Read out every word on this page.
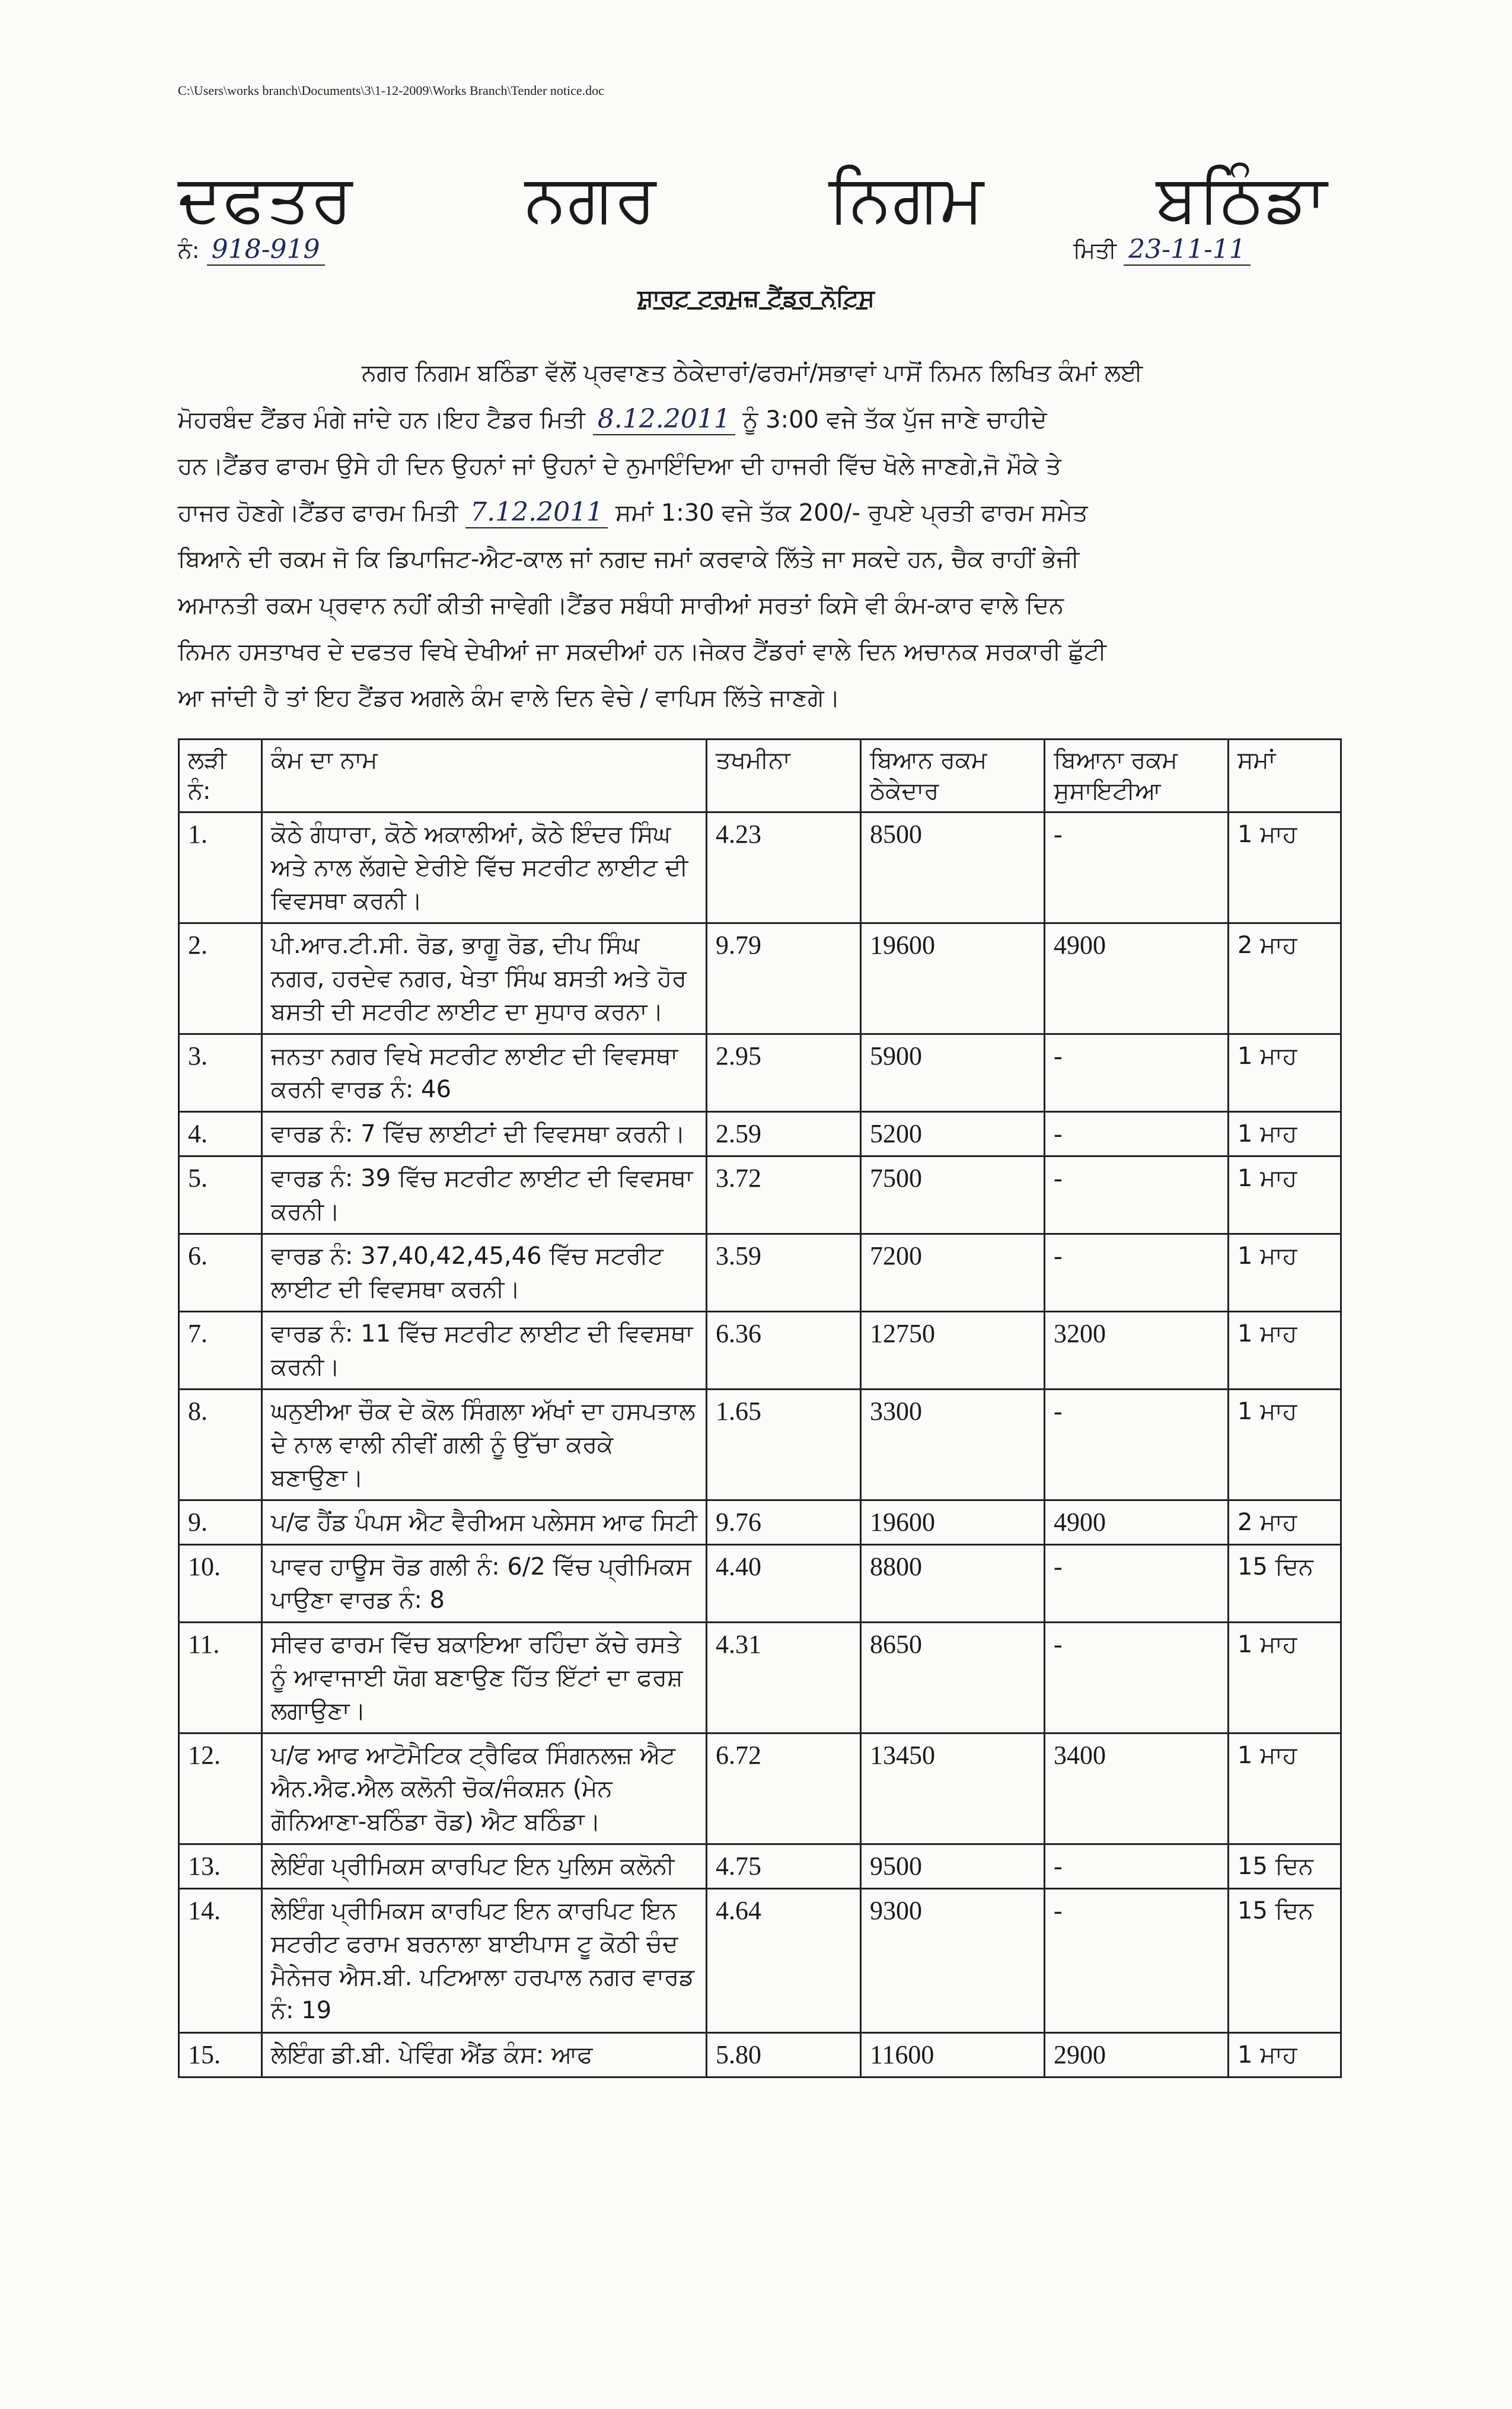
C:\Users\works branch\Documents\3\1-12-2009\Works Branch\Tender notice.doc
ਦਫਤਰ	ਨਗਰ	ਨਿਗਮ	ਬਠਿੰਡਾ
ਨੰ: 918-919	ਮਿਤੀ 23-11-11
ਸ਼ਾਰਟ ਟਰਮਜ਼ ਟੈਂਡਰ ਨੋਟਿਸ
ਨਗਰ ਨਿਗਮ ਬਠਿੰਡਾ ਵੱਲੋਂ ਪ੍ਰਵਾਣਤ ਠੇਕੇਦਾਰਾਂ/ਫਰਮਾਂ/ਸਭਾਵਾਂ ਪਾਸੋਂ ਨਿਮਨ ਲਿਖਿਤ ਕੰਮਾਂ ਲਈ
ਮੋਹਰਬੰਦ ਟੈਂਡਰ ਮੰਗੇ ਜਾਂਦੇ ਹਨ।ਇਹ ਟੈਡਰ ਮਿਤੀ 8.12.2011 ਨੂੰ 3:00 ਵਜੇ ਤੱਕ ਪੁੱਜ ਜਾਣੇ ਚਾਹੀਦੇ
ਹਨ।ਟੈਂਡਰ ਫਾਰਮ ਉਸੇ ਹੀ ਦਿਨ ਉਹਨਾਂ ਜਾਂ ਉਹਨਾਂ ਦੇ ਨੁਮਾਇੰਦਿਆ ਦੀ ਹਾਜਰੀ ਵਿੱਚ ਖੋਲੇ ਜਾਣਗੇ,ਜੋ ਮੌਕੇ ਤੇ
ਹਾਜਰ ਹੋਣਗੇ।ਟੈਂਡਰ ਫਾਰਮ ਮਿਤੀ 7.12.2011 ਸਮਾਂ 1:30 ਵਜੇ ਤੱਕ 200/- ਰੁਪਏ ਪ੍ਰਤੀ ਫਾਰਮ ਸਮੇਤ
ਬਿਆਨੇ ਦੀ ਰਕਮ ਜੋ ਕਿ ਡਿਪਾਜਿਟ-ਐਟ-ਕਾਲ ਜਾਂ ਨਗਦ ਜਮਾਂ ਕਰਵਾਕੇ ਲਿੱਤੇ ਜਾ ਸਕਦੇ ਹਨ, ਚੈਕ ਰਾਹੀਂ ਭੇਜੀ
ਅਮਾਨਤੀ ਰਕਮ ਪ੍ਰਵਾਨ ਨਹੀਂ ਕੀਤੀ ਜਾਵੇਗੀ।ਟੈਂਡਰ ਸਬੰਧੀ ਸਾਰੀਆਂ ਸਰਤਾਂ ਕਿਸੇ ਵੀ ਕੰਮ-ਕਾਰ ਵਾਲੇ ਦਿਨ
ਨਿਮਨ ਹਸਤਾਖਰ ਦੇ ਦਫਤਰ ਵਿਖੇ ਦੇਖੀਆਂ ਜਾ ਸਕਦੀਆਂ ਹਨ।ਜੇਕਰ ਟੈਂਡਰਾਂ ਵਾਲੇ ਦਿਨ ਅਚਾਨਕ ਸਰਕਾਰੀ ਛੁੱਟੀ
ਆ ਜਾਂਦੀ ਹੈ ਤਾਂ ਇਹ ਟੈਂਡਰ ਅਗਲੇ ਕੰਮ ਵਾਲੇ ਦਿਨ ਵੇਚੇ / ਵਾਪਿਸ ਲਿੱਤੇ ਜਾਣਗੇ।
ਲੜੀ ਨੰ:	ਕੰਮ ਦਾ ਨਾਮ	ਤਖਮੀਨਾ	ਬਿਆਨ ਰਕਮ ਠੇਕੇਦਾਰ	ਬਿਆਨਾ ਰਕਮ ਸੁਸਾਇਟੀਆ	ਸਮਾਂ
1.	ਕੋਠੇ ਗੰਧਾਰਾ, ਕੋਠੇ ਅਕਾਲੀਆਂ, ਕੋਠੇ ਇੰਦਰ ਸਿੰਘ ਅਤੇ ਨਾਲ ਲੱਗਦੇ ਏਰੀਏ ਵਿੱਚ ਸਟਰੀਟ ਲਾਈਟ ਦੀ ਵਿਵਸਥਾ ਕਰਨੀ।	4.23	8500	-	1 ਮਾਹ
2.	ਪੀ.ਆਰ.ਟੀ.ਸੀ. ਰੋਡ, ਭਾਗੂ ਰੋਡ, ਦੀਪ ਸਿੰਘ ਨਗਰ, ਹਰਦੇਵ ਨਗਰ, ਖੇਤਾ ਸਿੰਘ ਬਸਤੀ ਅਤੇ ਹੋਰ ਬਸਤੀ ਦੀ ਸਟਰੀਟ ਲਾਈਟ ਦਾ ਸੁਧਾਰ ਕਰਨਾ।	9.79	19600	4900	2 ਮਾਹ
3.	ਜਨਤਾ ਨਗਰ ਵਿਖੇ ਸਟਰੀਟ ਲਾਈਟ ਦੀ ਵਿਵਸਥਾ ਕਰਨੀ ਵਾਰਡ ਨੰ: 46	2.95	5900	-	1 ਮਾਹ
4.	ਵਾਰਡ ਨੰ: 7 ਵਿੱਚ ਲਾਈਟਾਂ ਦੀ ਵਿਵਸਥਾ ਕਰਨੀ।	2.59	5200	-	1 ਮਾਹ
5.	ਵਾਰਡ ਨੰ: 39 ਵਿੱਚ ਸਟਰੀਟ ਲਾਈਟ ਦੀ ਵਿਵਸਥਾ ਕਰਨੀ।	3.72	7500	-	1 ਮਾਹ
6.	ਵਾਰਡ ਨੰ: 37,40,42,45,46 ਵਿੱਚ ਸਟਰੀਟ ਲਾਈਟ ਦੀ ਵਿਵਸਥਾ ਕਰਨੀ।	3.59	7200	-	1 ਮਾਹ
7.	ਵਾਰਡ ਨੰ: 11 ਵਿੱਚ ਸਟਰੀਟ ਲਾਈਟ ਦੀ ਵਿਵਸਥਾ ਕਰਨੀ।	6.36	12750	3200	1 ਮਾਹ
8.	ਘਨੁਈਆ ਚੌਕ ਦੇ ਕੋਲ ਸਿੰਗਲਾ ਅੱਖਾਂ ਦਾ ਹਸਪਤਾਲ ਦੇ ਨਾਲ ਵਾਲੀ ਨੀਵੀਂ ਗਲੀ ਨੂੰ ਉੱਚਾ ਕਰਕੇ ਬਣਾਉਣਾ।	1.65	3300	-	1 ਮਾਹ
9.	ਪ/ਫ ਹੈਂਡ ਪੰਪਸ ਐਟ ਵੈਰੀਅਸ ਪਲੇਸਸ ਆਫ ਸਿਟੀ	9.76	19600	4900	2 ਮਾਹ
10.	ਪਾਵਰ ਹਾਊਸ ਰੋਡ ਗਲੀ ਨੰ: 6/2 ਵਿੱਚ ਪ੍ਰੀਮਿਕਸ ਪਾਉਣਾ ਵਾਰਡ ਨੰ: 8	4.40	8800	-	15 ਦਿਨ
11.	ਸੀਵਰ ਫਾਰਮ ਵਿੱਚ ਬਕਾਇਆ ਰਹਿੰਦਾ ਕੱਚੇ ਰਸਤੇ ਨੂੰ ਆਵਾਜਾਈ ਯੋਗ ਬਣਾਉਣ ਹਿੱਤ ਇੱਟਾਂ ਦਾ ਫਰਸ਼ ਲਗਾਉਣਾ।	4.31	8650	-	1 ਮਾਹ
12.	ਪ/ਫ ਆਫ ਆਟੋਮੈਟਿਕ ਟ੍ਰੈਫਿਕ ਸਿੰਗਨਲਜ਼ ਐਟ ਐਨ.ਐਫ.ਐਲ ਕਲੋਨੀ ਚੋਕ/ਜੰਕਸ਼ਨ (ਮੇਨ ਗੋਨਿਆਣਾ-ਬਠਿੰਡਾ ਰੋਡ) ਐਟ ਬਠਿੰਡਾ।	6.72	13450	3400	1 ਮਾਹ
13.	ਲੇਇੰਗ ਪ੍ਰੀਮਿਕਸ ਕਾਰਪਿਟ ਇਨ ਪੁਲਿਸ ਕਲੋਨੀ	4.75	9500	-	15 ਦਿਨ
14.	ਲੇਇੰਗ ਪ੍ਰੀਮਿਕਸ ਕਾਰਪਿਟ ਇਨ ਕਾਰਪਿਟ ਇਨ ਸਟਰੀਟ ਫਰਾਮ ਬਰਨਾਲਾ ਬਾਈਪਾਸ ਟੂ ਕੋਠੀ ਚੰਦ ਮੈਨੇਜਰ ਐਸ.ਬੀ. ਪਟਿਆਲਾ ਹਰਪਾਲ ਨਗਰ ਵਾਰਡ ਨੰ: 19	4.64	9300	-	15 ਦਿਨ
15.	ਲੇਇੰਗ ਡੀ.ਬੀ. ਪੇਵਿੰਗ ਐਂਡ ਕੰਸ: ਆਫ	5.80	11600	2900	1 ਮਾਹ
